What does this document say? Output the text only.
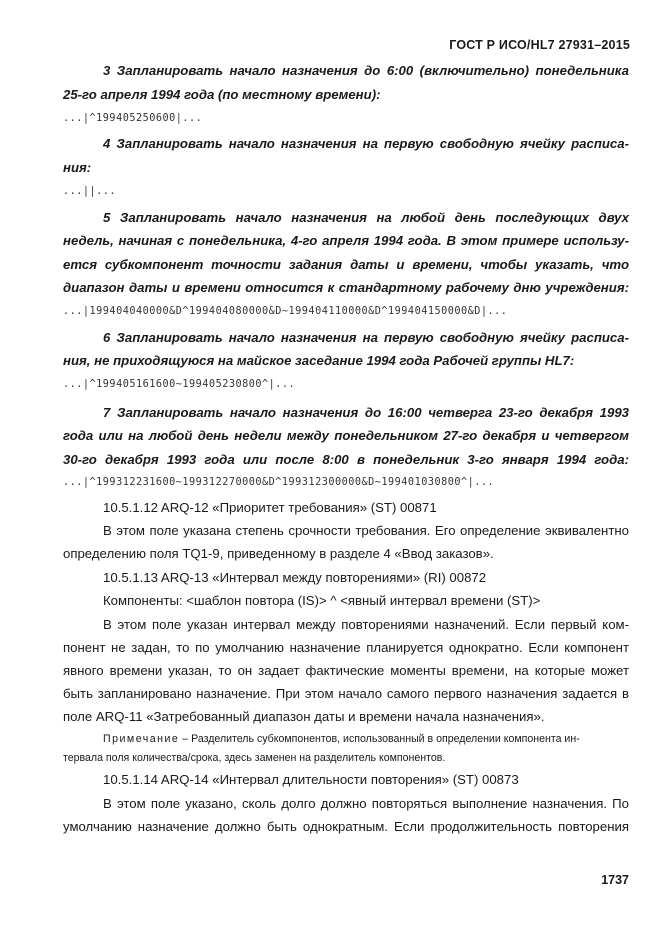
ГОСТ Р ИСО/HL7 27931–2015
3 Запланировать начало назначения до 6:00 (включительно) понедельника
25-го апреля 1994 года (по местному времени):
...|^199405250600|...
4 Запланировать начало назначения на первую свободную ячейку расписа-
ния:
...||...
5 Запланировать начало назначения на любой день последующих двух
недель, начиная с понедельника, 4-го апреля 1994 года. В этом примере использу-
ется субкомпонент точности задания даты и времени, чтобы указать, что
диапазон даты и времени относится к стандартному рабочему дню учреждения:
...|199404040000&D^199404080000&D~199404110000&D^199404150000&D|...
6 Запланировать начало назначения на первую свободную ячейку расписа-
ния, не приходящуюся на майское заседание 1994 года Рабочей группы HL7:
...|^199405161600~199405230800^|...
7 Запланировать начало назначения до 16:00 четверга 23-го декабря 1993
года или на любой день недели между понедельником 27-го декабря и четвергом
30-го декабря 1993 года или после 8:00 в понедельник 3-го января 1994 года:
...|^199312231600~199312270000&D^199312300000&D~199401030800^|...
10.5.1.12 ARQ-12 «Приоритет требования» (ST) 00871
В этом поле указана степень срочности требования. Его определение эквивалентно
определению поля TQ1-9, приведенному в разделе 4 «Ввод заказов».
10.5.1.13 ARQ-13 «Интервал между повторениями» (RI) 00872
Компоненты: <шаблон повтора (IS)> ^ <явный интервал времени (ST)>
В этом поле указан интервал между повторениями назначений. Если первый ком-
понент не задан, то по умолчанию назначение планируется однократно. Если компонент
явного времени указан, то он задает фактические моменты времени, на которые может
быть запланировано назначение. При этом начало самого первого назначения задается в
поле ARQ-11 «Затребованный диапазон даты и времени начала назначения».
Примечание – Разделитель субкомпонентов, использованный в определении компонента ин-
тервала поля количества/срока, здесь заменен на разделитель компонентов.
10.5.1.14 ARQ-14 «Интервал длительности повторения» (ST) 00873
В этом поле указано, сколь долго должно повторяться выполнение назначения. По
умолчанию назначение должно быть однократным. Если продолжительность повторения
1737
